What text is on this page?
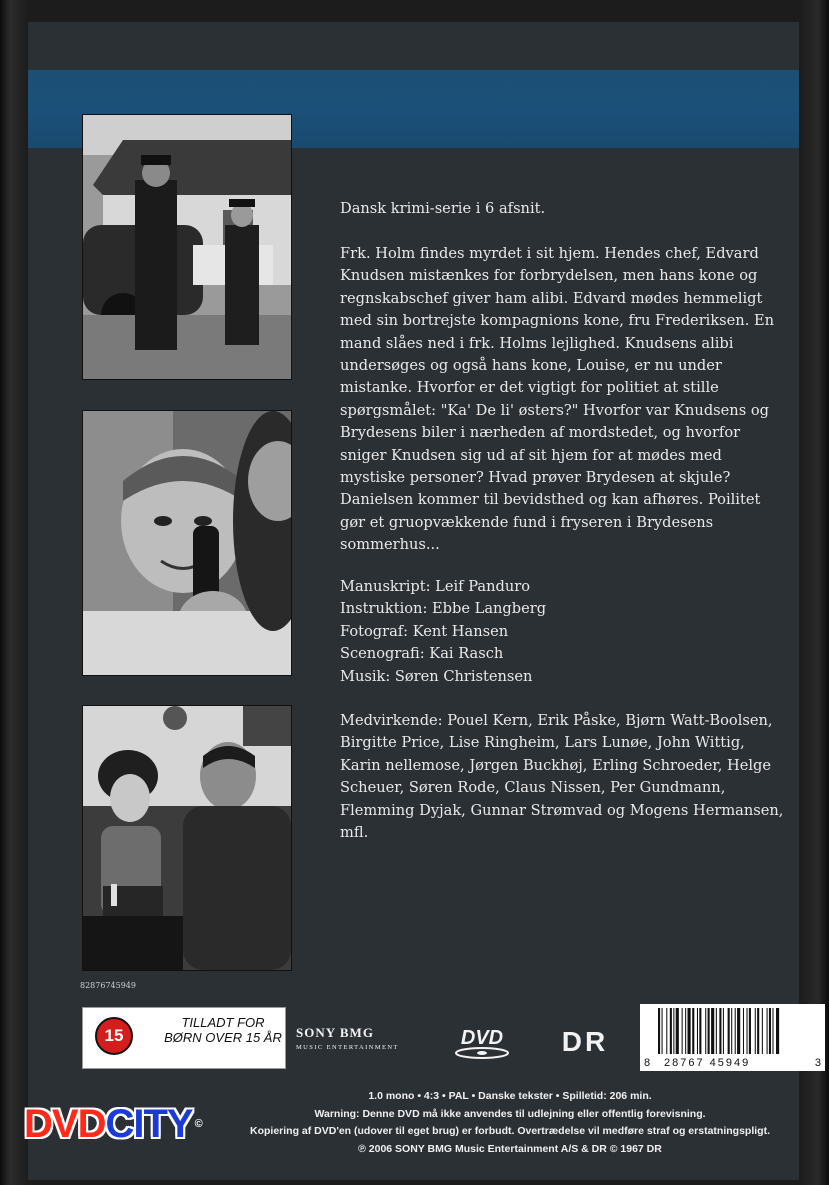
Dansk krimi-serie i 6 afsnit.
Frk. Holm findes myrdet i sit hjem. Hendes chef, Edvard Knudsen mistænkes for forbrydelsen, men hans kone og regnskabschef giver ham alibi. Edvard mødes hemmeligt med sin bortrejste kompagnions kone, fru Frederiksen. En mand slåes ned i frk. Holms lejlighed. Knudsens alibi undersøges og også hans kone, Louise, er nu under mistanke. Hvorfor er det vigtigt for politiet at stille spørgsmålet: "Ka' De li' østers?" Hvorfor var Knudsens og Brydesens biler i nærheden af mordstedet, og hvorfor sniger Knudsen sig ud af sit hjem for at mødes med mystiske personer? Hvad prøver Brydesen at skjule? Danielsen kommer til bevidsthed og kan afhøres. Poilitet gør et gruopvækkende fund i fryseren i Brydesens sommerhus...
Manuskript: Leif Panduro
Instruktion: Ebbe Langberg
Fotograf: Kent Hansen
Scenografi: Kai Rasch
Musik: Søren Christensen
Medvirkende: Pouel Kern, Erik Påske, Bjørn Watt-Boolsen, Birgitte Price, Lise Ringheim, Lars Lunøe, John Wittig, Karin nellemose, Jørgen Buckhøj, Erling Schroeder, Helge Scheuer, Søren Rode, Claus Nissen, Per Gundmann, Flemming Dyjak, Gunnar Strømvad og Mogens Hermansen, mfl.
82876745949
15
TILLADT FOR BØRN OVER 15 ÅR SONY BMG
MUSIC ENTERTAINMENT	DVD DR
8 28767 45949	3
1.0 mono • 4:3 • PAL • Danske tekster • Spilletid: 206 min.
Warning: Denne DVD må ikke anvendes til udlejning eller offentlig forevisning.
Kopiering af DVD'en (udover til eget brug) er forbudt. Overtrædelse vil medføre straf og erstatningspligt.
℗ 2006 SONY BMG Music Entertainment A/S & DR © 1967 DR
DVDCITY ©
